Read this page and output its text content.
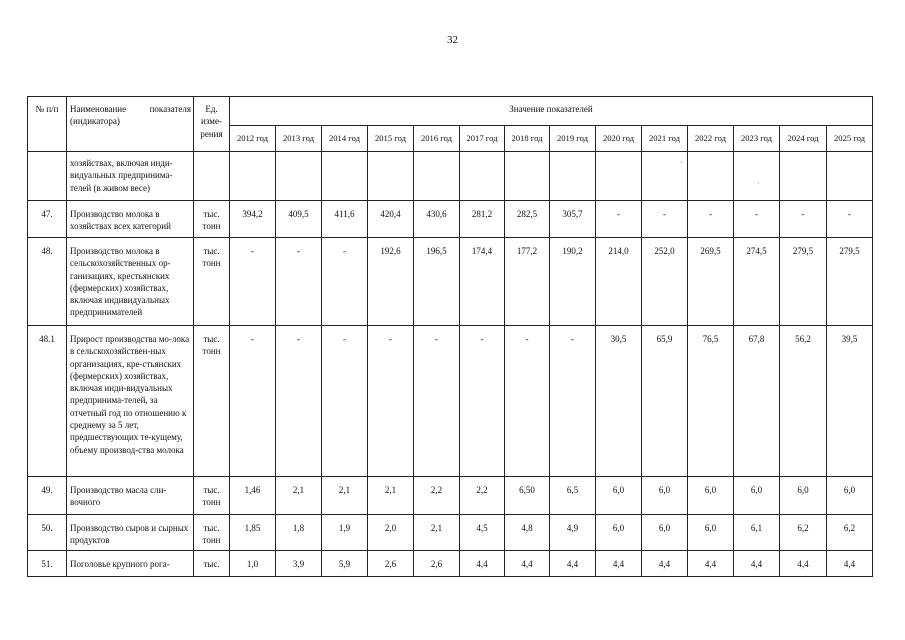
32
№ п/п	Наименование показателя (индикатора)	Ед. изме-рения	Значение показателей													
			2012 год	2013 год	2014 год	2015 год	2016 год	2017 год	2018 год	2019 год	2020 год	2021 год	2022 год	2023 год	2024 год	2025 год
	хозяйствах, включая инди-видуальных предпринима-телей (в живом весе)															
47.	Производство молока в хозяйствах всех категорий	тыс. тонн	394,2	409,5	411,6	420,4	430,6	281,2	282,5	305,7	-	-	-	-	-	-
48.	Производство молока в сельскохозяйственных ор-ганизациях, крестьянских (фермерских) хозяйствах, включая индивидуальных предпринимателей	тыс. тонн	-	-	-	192,6	196,5	174,4	177,2	190,2	214,0	252,0	269,5	274,5	279,5	279,5
48.1	Прирост производства мо-лока в сельскохозяйствен-ных организациях, кре-стьянских (фермерских) хозяйствах, включая инди-видуальных предпринима-телей, за отчетный год по отношению к среднему за 5 лет, предшествующих те-кущему, объему производ-ства молока	тыс. тонн	-	-	-	-	-	-	-	-	30,5	65,9	76,5	67,8	56,2	39,5
49.	Производство масла сли-вочного	тыс. тонн	1,46	2,1	2,1	2,1	2,2	2,2	6,50	6,5	6,0	6,0	6,0	6,0	6,0	6,0
50.	Производство сыров и сырных продуктов	тыс. тонн	1,85	1,8	1,9	2,0	2,1	4,5	4,8	4,9	6,0	6,0	6,0	6,1	6,2	6,2
51.	Поголовье крупного рога-	тыс.	1,0	3,9	5,9	2,6	2,6	4,4	4,4	4,4	4,4	4,4	4,4	4,4	4,4	4,4
·
·
